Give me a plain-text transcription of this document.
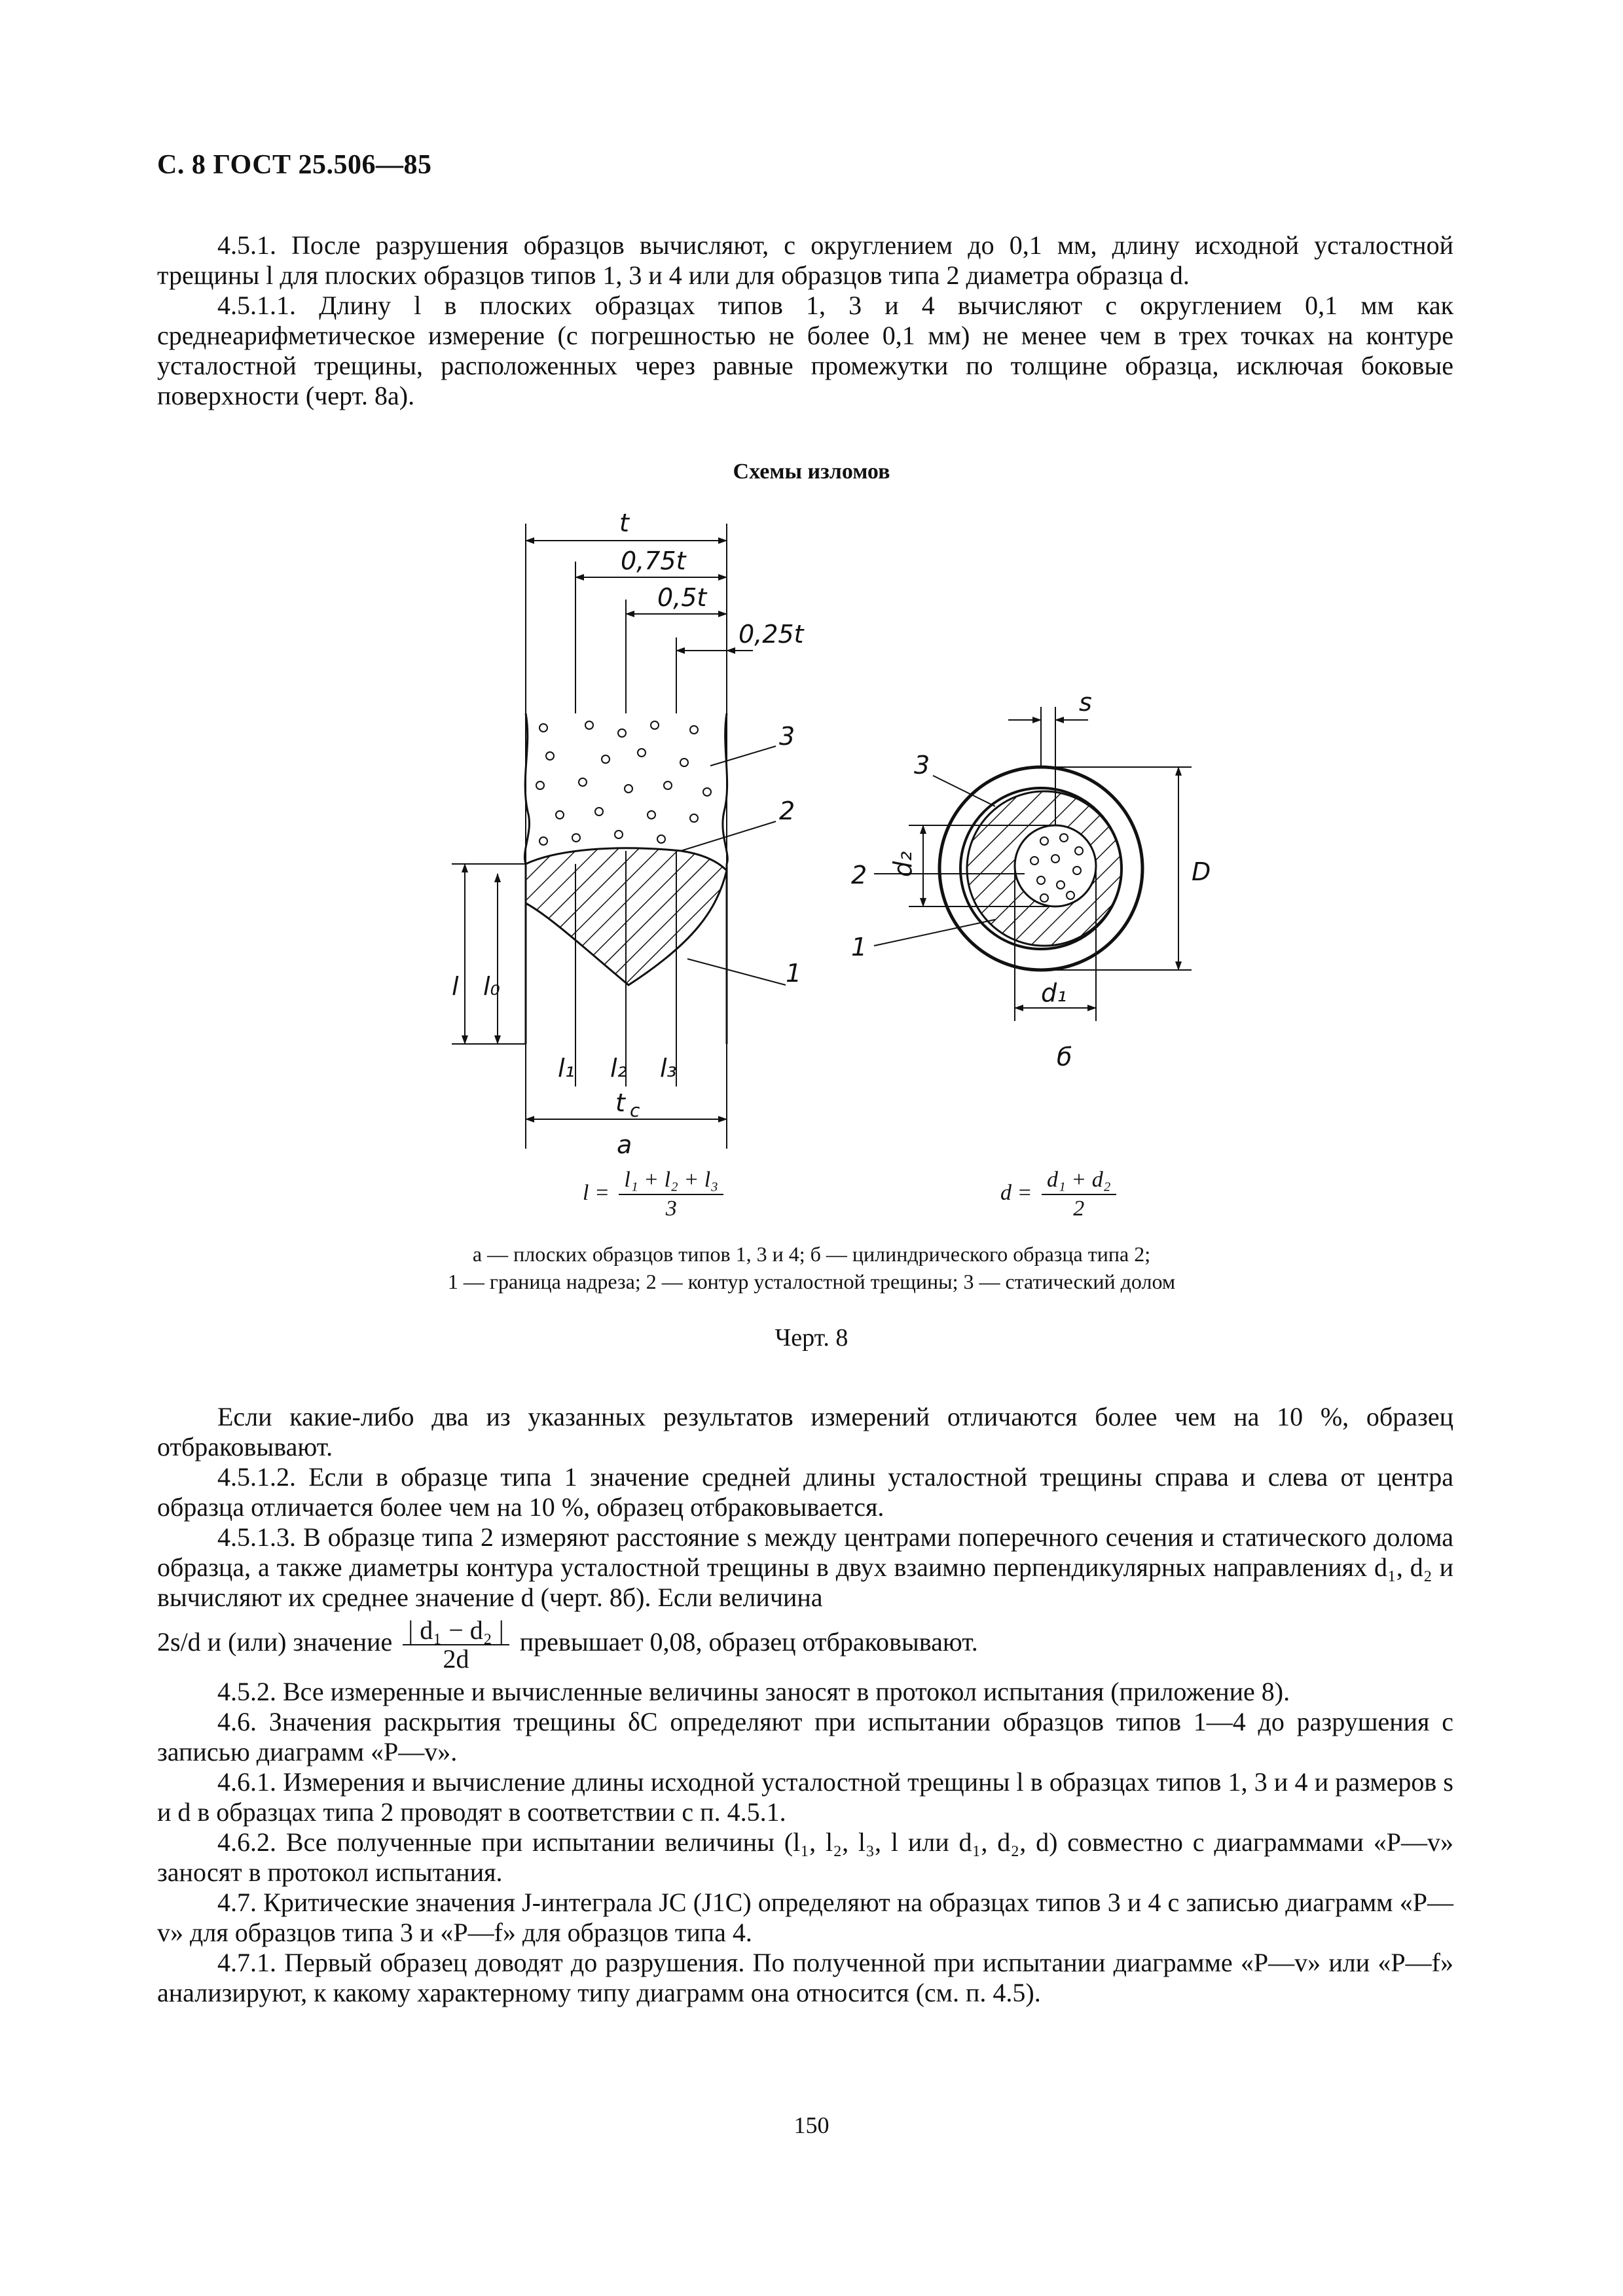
С. 8 ГОСТ 25.506—85

4.5.1. После разрушения образцов вычисляют, с округлением до 0,1 мм, длину исходной усталостной трещины l для плоских образцов типов 1, 3 и 4 или для образцов типа 2 диаметра образца d.

4.5.1.1. Длину l в плоских образцах типов 1, 3 и 4 вычисляют с округлением 0,1 мм как среднеарифметическое измерение (с погрешностью не более 0,1 мм) не менее чем в трех точках на контуре усталостной трещины, расположенных через равные промежутки по толщине образца, исключая боковые поверхности (черт. 8а).

Схемы изломов
t
0,75t
0,5t
0,25t
3
2
1
l l₀
l₁ l₂ l₃
t c
а
s
3
2
1
D
d₁
d₂
б
$l = \frac{\text{l₁ + l₂ + l₃}}{3}$	$d = \frac{\text{d₁ + d₂}}{2}$
а — плоских образцов типов 1, 3 и 4; б — цилиндрического образца типа 2;
1 — граница надреза; 2 — контур усталостной трещины; 3 — статический долом
Черт. 8

Если какие-либо два из указанных результатов измерений отличаются более чем на 10 %, образец отбраковывают.

4.5.1.2. Если в образце типа 1 значение средней длины усталостной трещины справа и слева от центра образца отличается более чем на 10 %, образец отбраковывается.

4.5.1.3. В образце типа 2 измеряют расстояние s между центрами поперечного сечения и статического долома образца, а также диаметры контура усталостной трещины в двух взаимно перпендикулярных направлениях d₁, d₂ и вычисляют их среднее значение d (черт. 8б). Если величина

2s/d и (или) значение $\frac{\text{| d₁ − d₂ |}}{2d}$ превышает 0,08, образец отбраковывают.

4.5.2. Все измеренные и вычисленные величины заносят в протокол испытания (приложение 8).

4.6. Значения раскрытия трещины δC определяют при испытании образцов типов 1—4 до разрушения с записью диаграмм «P—v».

4.6.1. Измерения и вычисление длины исходной усталостной трещины l в образцах типов 1, 3 и 4 и размеров s и d в образцах типа 2 проводят в соответствии с п. 4.5.1.

4.6.2. Все полученные при испытании величины (l₁, l₂, l₃, l или d₁, d₂, d) совместно с диаграммами «P—v» заносят в протокол испытания.

4.7. Критические значения J-интеграла JC (J1C) определяют на образцах типов 3 и 4 с записью диаграмм «P—v» для образцов типа 3 и «P—f» для образцов типа 4.

4.7.1. Первый образец доводят до разрушения. По полученной при испытании диаграмме «P—v» или «P—f» анализируют, к какому характерному типу диаграмм она относится (см. п. 4.5).

150
